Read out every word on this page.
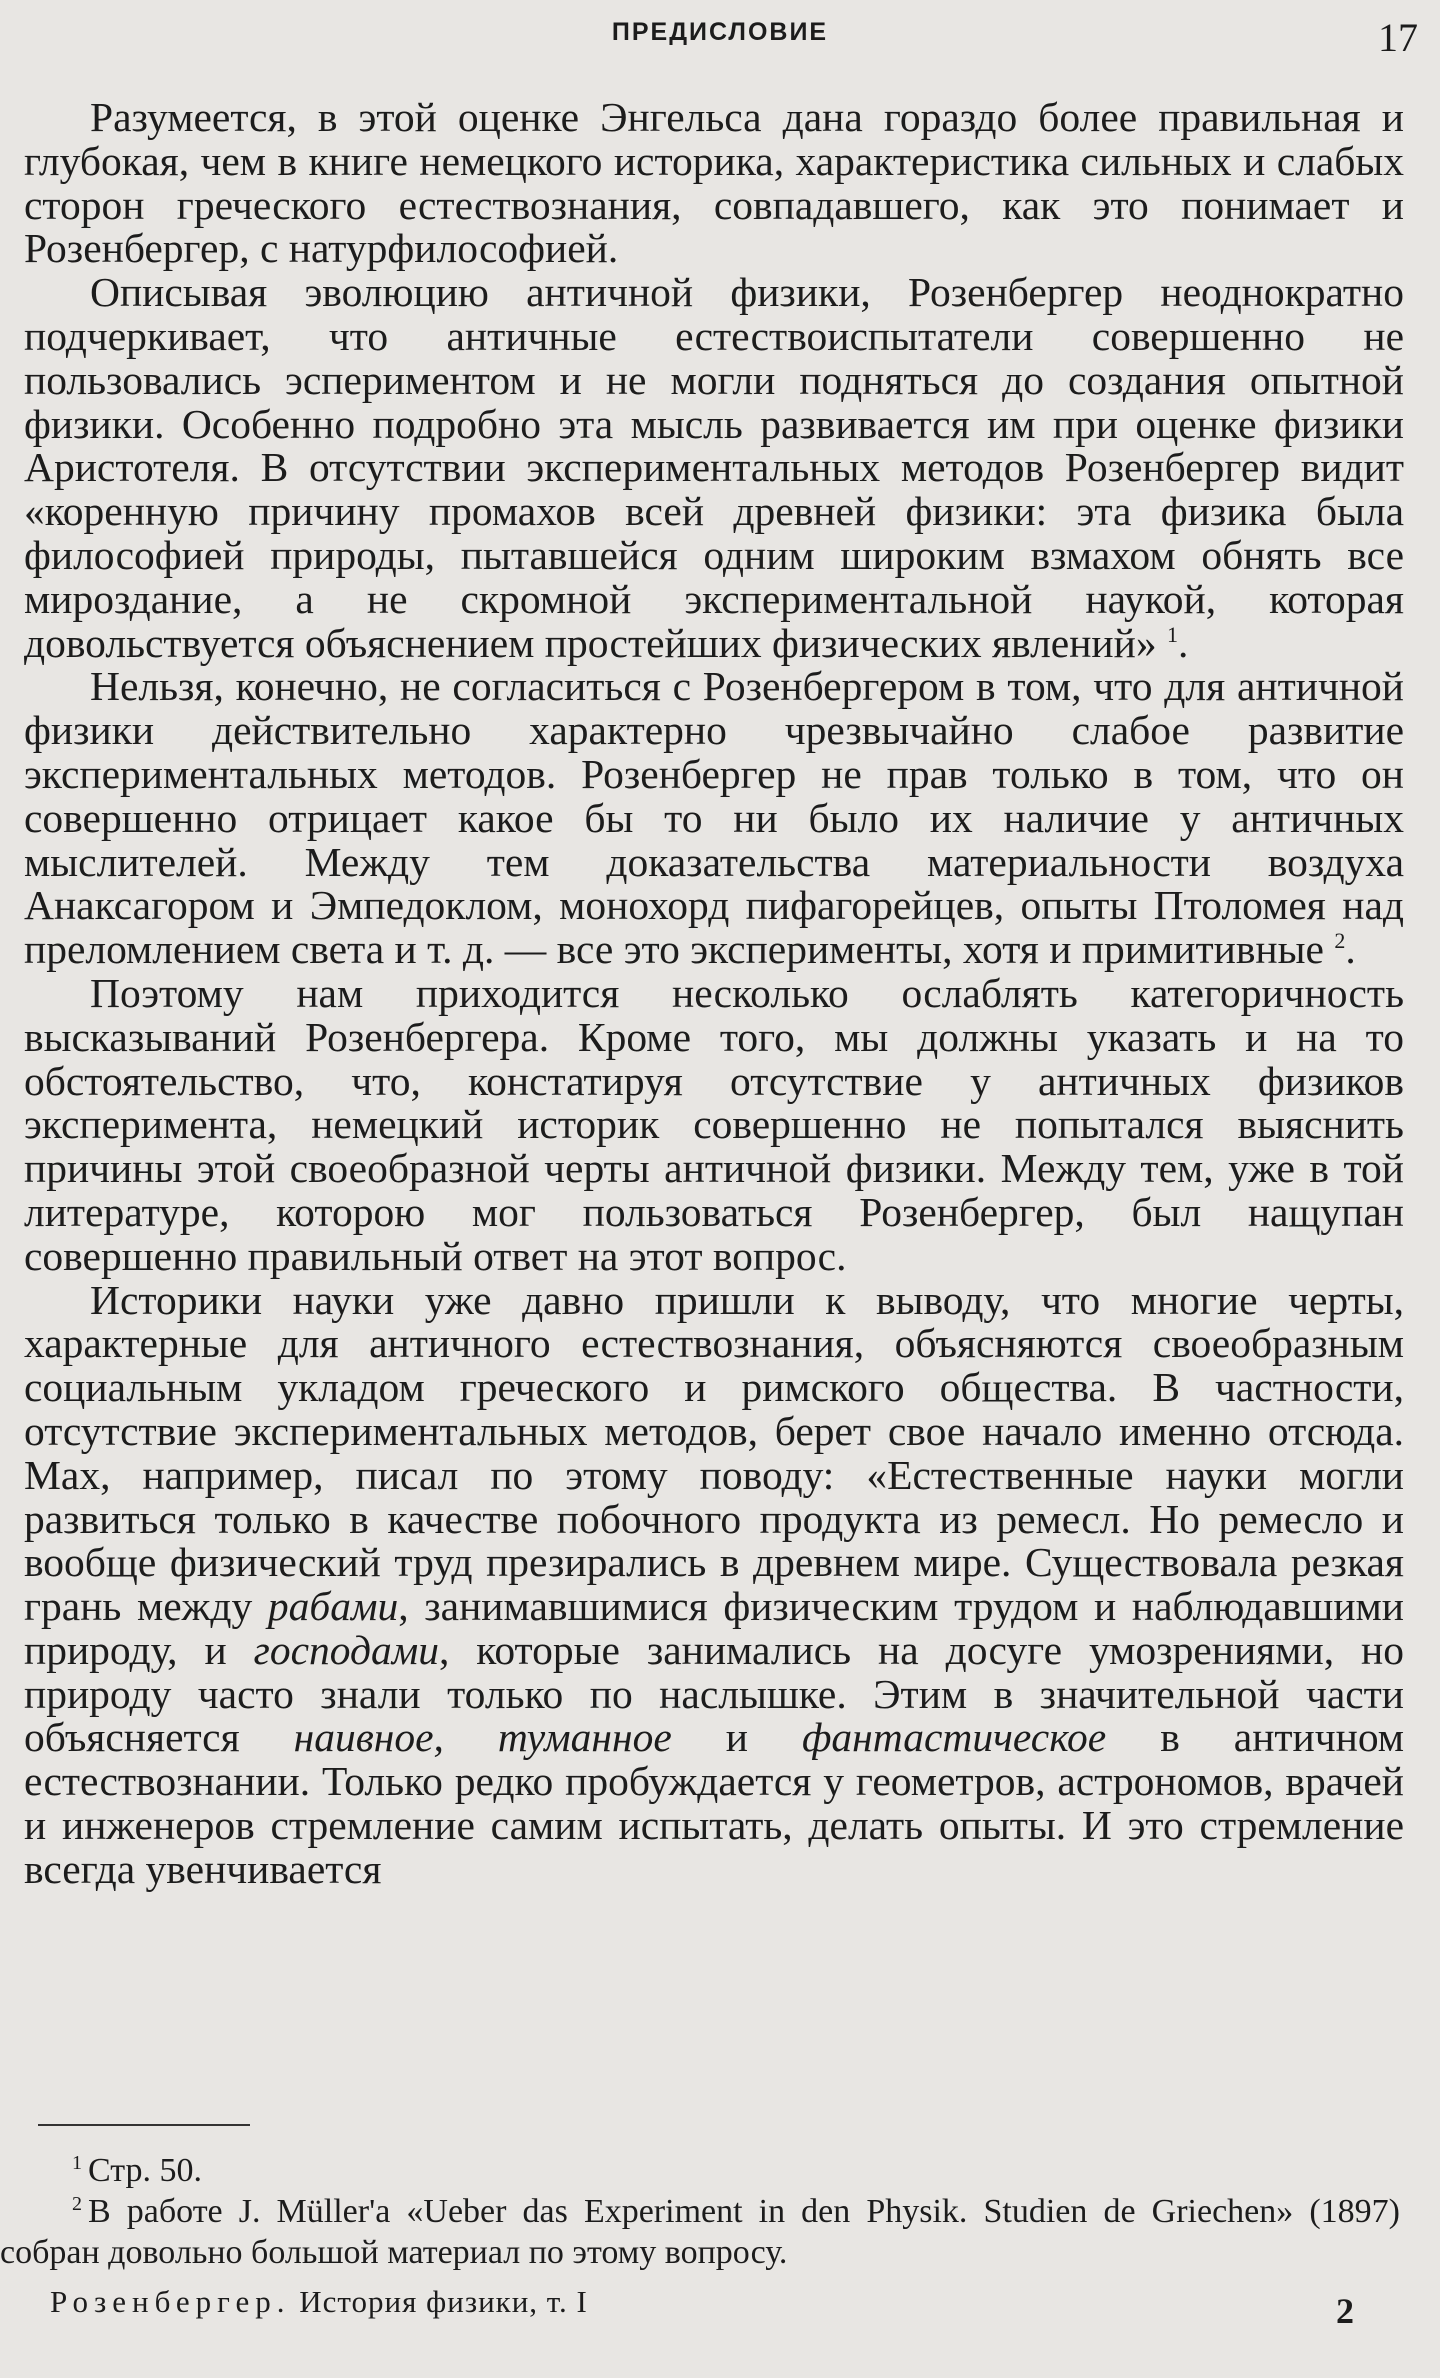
ПРЕДИСЛОВИЕ	17

Разумеется, в этой оценке Энгельса дана гораздо более правильная и глубокая, чем в книге немецкого историка, характеристика сильных и слабых сторон греческого естествознания, совпадавшего, как это понимает и Розенбергер, с натурфилософией.

Описывая эволюцию античной физики, Розенбергер неоднократно подчеркивает, что античные естествоиспытатели совершенно не пользовались эспериментом и не могли подняться до создания опытной физики. Особенно подробно эта мысль развивается им при оценке физики Аристотеля. В отсутствии экспериментальных методов Розенбергер видит «коренную причину промахов всей древней физики: эта физика была философией природы, пытавшейся одним широким взмахом обнять все мироздание, а не скромной экспериментальной наукой, которая довольствуется объяснением простейших физических явлений» $^1$.

Нельзя, конечно, не согласиться с Розенбергером в том, что для античной физики действительно характерно чрезвычайно слабое развитие экспериментальных методов. Розенбергер не прав только в том, что он совершенно отрицает какое бы то ни было их наличие у античных мыслителей. Между тем доказательства материальности воздуха Анаксагором и Эмпедоклом, монохорд пифагорейцев, опыты Птоломея над преломлением света и т. д. — все это эксперименты, хотя и примитивные $^2$.

Поэтому нам приходится несколько ослаблять категоричность высказываний Розенбергера. Кроме того, мы должны указать и на то обстоятельство, что, констатируя отсутствие у античных физиков эксперимента, немецкий историк совершенно не попытался выяснить причины этой своеобразной черты античной физики. Между тем, уже в той литературе, которою мог пользоваться Розенбергер, был нащупан совершенно правильный ответ на этот вопрос.

Историки науки уже давно пришли к выводу, что многие черты, характерные для античного естествознания, объясняются своеобразным социальным укладом греческого и римского общества. В частности, отсутствие экспериментальных методов, берет свое начало именно отсюда. Мах, например, писал по этому поводу: «Естественные науки могли развиться только в качестве побочного продукта из ремесл. Но ремесло и вообще физический труд презирались в древнем мире. Существовала резкая грань между рабами, занимавшимися физическим трудом и наблюдавшими природу, и господами, которые занимались на досуге умозрениями, но природу часто знали только по наслышке. Этим в значительной части объясняется наивное, туманное и фантастическое в античном естествознании. Только редко пробуждается у геометров, астрономов, врачей и инженеров стремление самим испытать, делать опыты. И это стремление всегда увенчивается

$^1$ Стр. 50.

$^2$ В работе J. Müller'а «Ueber das Experiment in den Physik. Studien de Griechen» (1897) собран довольно большой материал по этому вопросу.

Розенбергер. История физики, т. I	2
